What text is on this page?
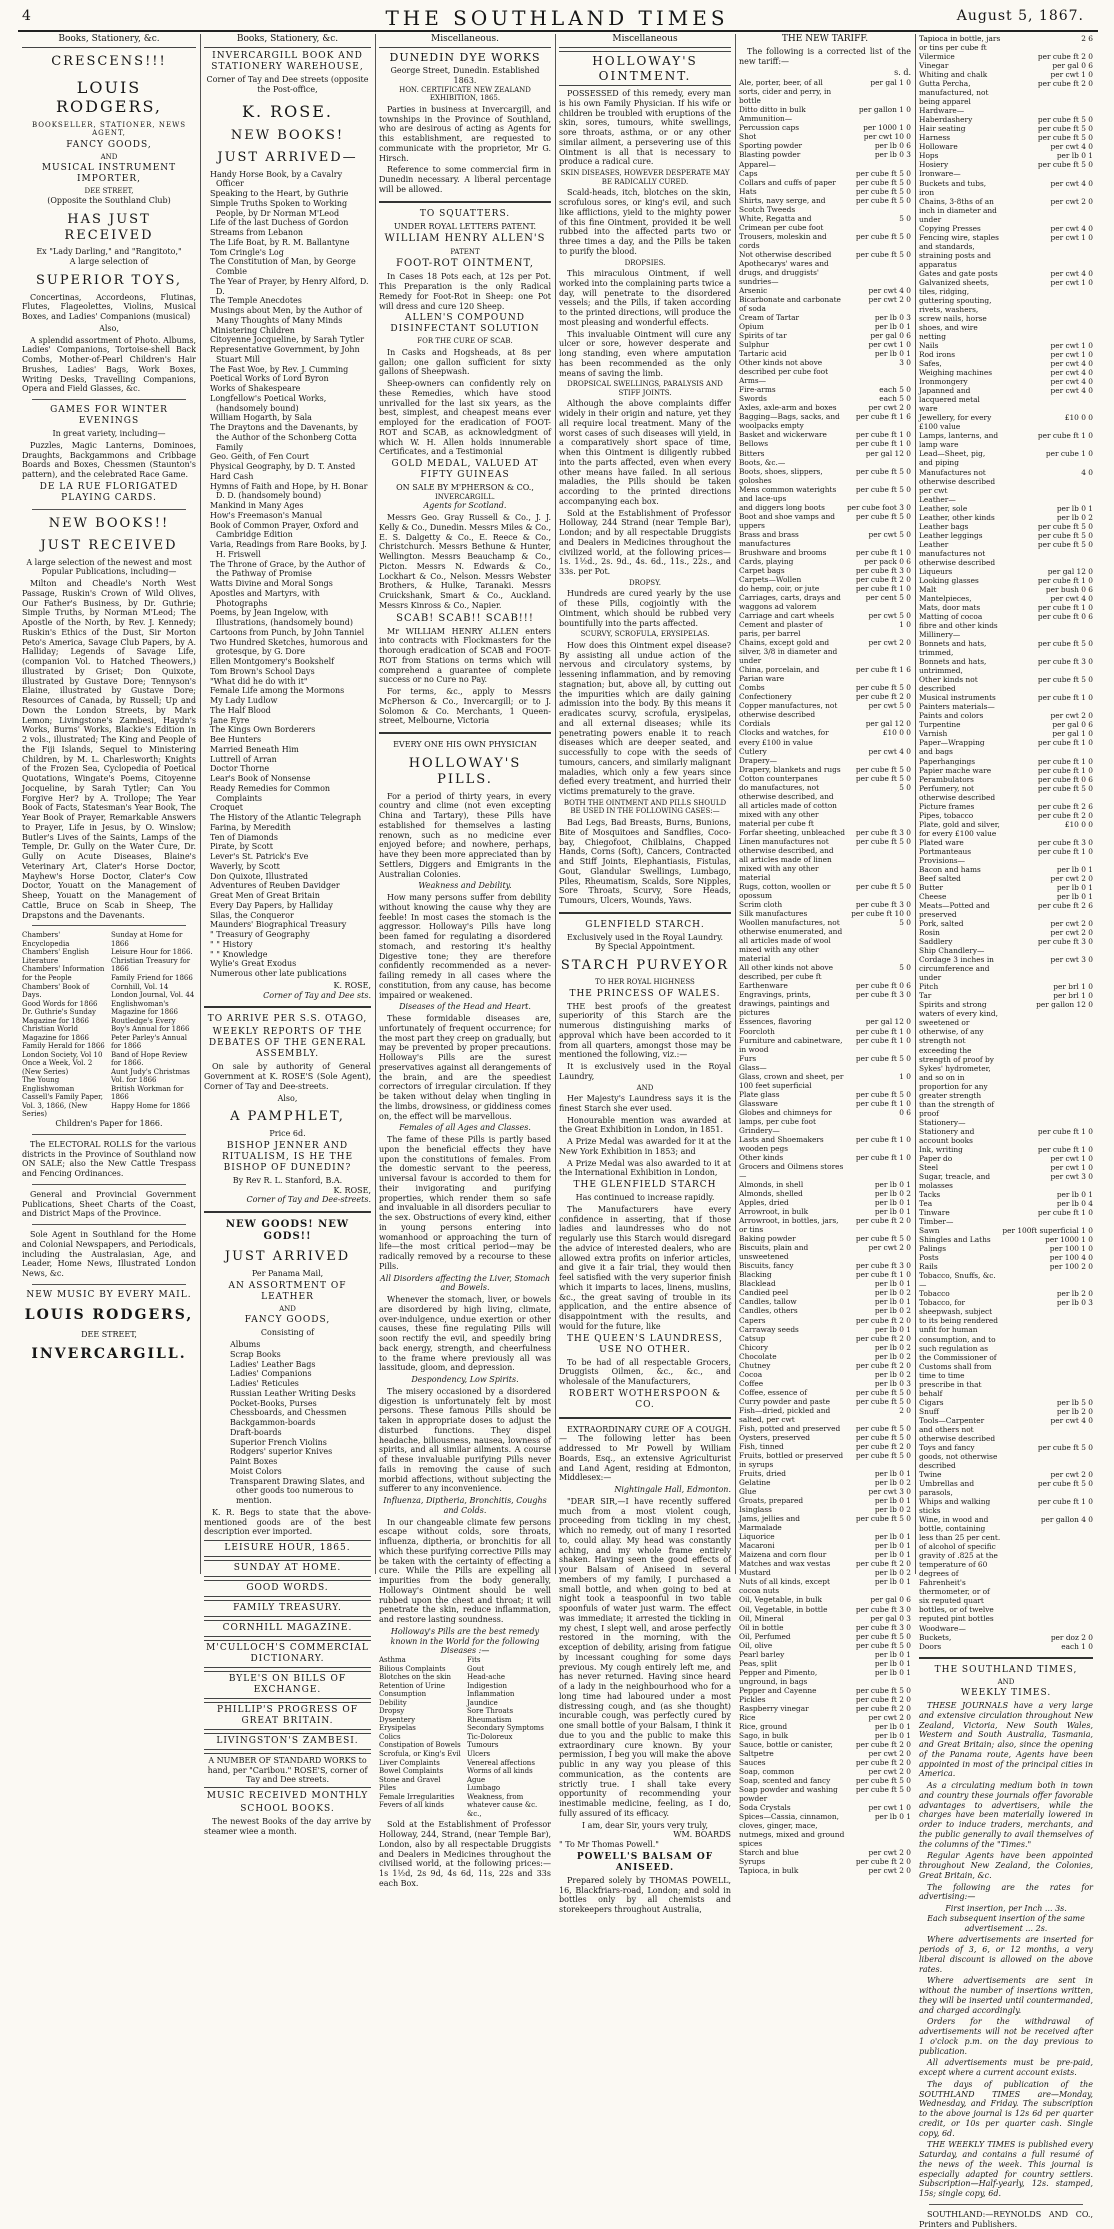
4	THE SOUTHLAND TIMES	August 5, 1867.
Books, Stationery, &c.
CRESCENS!!!
LOUIS RODGERS,
BOOKSELLER, STATIONER, NEWS AGENT,
FANCY GOODS,
AND
MUSICAL INSTRUMENT IMPORTER,
DEE STREET,
(Opposite the Southland Club)
HAS JUST RECEIVED
Ex "Lady Darling," and "Rangitoto,"
A large selection of
SUPERIOR TOYS,

Concertinas, Accordeons, Flutinas, Flutes, Flageolettes, Violins, Musical Boxes, and Ladies' Companions (musical)

Also,

A splendid assortment of Photo. Albums, Ladies' Companions, Tortoise-shell Back Combs, Mother-of-Pearl Children's Hair Brushes, Ladies' Bags, Work Boxes, Writing Desks, Travelling Companions, Opera and Field Glasses, &c.

GAMES FOR WINTER EVENINGS
In great variety, including—

Puzzles, Magic Lanterns, Dominoes, Draughts, Backgammons and Cribbage Boards and Boxes, Chessmen (Staunton's pattern), and the celebrated Race Game.

DE LA RUE FLORIGATED PLAYING CARDS.
NEW BOOKS!!
JUST RECEIVED
A large selection of the newest and most Popular Publications, including—

Milton and Cheadle's North West Passage, Ruskin's Crown of Wild Olives, Our Father's Business, by Dr. Guthrie; Simple Truths, by Norman M'Leod; The Apostle of the North, by Rev. J. Kennedy; Ruskin's Ethics of the Dust, Sir Morton Peto's America, Savage Club Papers, by A. Halliday; Legends of Savage Life, (companion Vol. to Hatched Theowers,) illustrated by Griset; Don Quixote, illustrated by Gustave Dore; Tennyson's Elaine, illustrated by Gustave Dore; Resources of Canada, by Russell; Up and Down the London Streets, by Mark Lemon; Livingstone's Zambesi, Haydn's Works, Burns' Works, Blackie's Edition in 2 vols., illustrated; The King and People of the Fiji Islands, Sequel to Ministering Children, by M. L. Charlesworth; Knights of the Frozen Sea, Cyclopedia of Poetical Quotations, Wingate's Poems, Citoyenne Jocqueline, by Sarah Tytler; Can You Forgive Her? by A. Trollope; The Year Book of Facts, Statesman's Year Book, The Year Book of Prayer, Remarkable Answers to Prayer, Life in Jesus, by O. Winslow; Butler's Lives of the Saints, Lamps of the Temple, Dr. Gully on the Water Cure, Dr. Gully on Acute Diseases, Blaine's Veterinary Art, Clater's Horse Doctor, Mayhew's Horse Doctor, Clater's Cow Doctor, Youatt on the Management of Sheep, Youatt on the Management of Cattle, Bruce on Scab in Sheep, The Drapstons and the Davenants.

Chambers' Encyclopedia
Chambers' English Literature
Chambers' Information for the People
Chambers' Book of Days.
Good Words for 1866
Dr. Guthrie's Sunday Magazine for 1866
Christian World Magazine for 1866
Family Herald for 1866
London Society, Vol 10
Once a Week, Vol. 2 (New Series)
The Young Englishwoman
Cassell's Family Paper, Vol. 3, 1866, (New Series)
Sunday at Home for 1866
Leisure Hour for 1866.
Christian Treasury for 1866
Family Friend for 1866
Cornhill, Vol. 14
London Journal, Vol. 44
Englishwoman's Magazine for 1866
Routledge's Every Boy's Annual for 1866
Peter Parley's Annual for 1866
Band of Hope Review for 1866.
Aunt Judy's Christmas Vol. for 1866
British Workman for 1866
Happy Home for 1866
Children's Paper for 1866.

The ELECTORAL ROLLS for the various districts in the Province of Southland now ON SALE; also the New Cattle Trespass and Fencing Ordinances.

General and Provincial Government Publications, Sheet Charts of the Coast, and District Maps of the Province.

Sole Agent in Southland for the Home and Colonial Newspapers, and Periodicals, including the Australasian, Age, and Leader, Home News, Illustrated London News, &c.

NEW MUSIC BY EVERY MAIL.
LOUIS RODGERS,
DEE STREET,
INVERCARGILL.
Books, Stationery, &c.
INVERCARGILL BOOK AND STATIONERY WAREHOUSE,
Corner of Tay and Dee streets (opposite the Post-office,
K. ROSE.
NEW BOOKS!
JUST ARRIVED—
Handy Horse Book, by a Cavalry Officer
Speaking to the Heart, by Guthrie
Simple Truths Spoken to Working People, by Dr Norman M'Leod
Life of the last Duchess of Gordon
Streams from Lebanon
The Life Boat, by R. M. Ballantyne
Tom Cringle's Log
The Constitution of Man, by George Combie
The Year of Prayer, by Henry Alford, D. D.
The Temple Anecdotes
Musings about Men, by the Author of Many Thoughts of Many Minds
Ministering Children
Citoyenne Jocqueline, by Sarah Tytler
Representative Government, by John Stuart Mill
The Fast Woe, by Rev. J. Cumming
Poetical Works of Lord Byron
Works of Shakespeare
Longfellow's Poetical Works, (handsomely bound)
William Hogarth, by Sala
The Draytons and the Davenants, by the Author of the Schonberg Cotta Family
Geo. Geith, of Fen Court
Physical Geography, by D. T. Ansted
Hard Cash
Hymns of Faith and Hope, by H. Bonar D. D. (handsomely bound)
Mankind in Many Ages
How's Freemason's Manual
Book of Common Prayer, Oxford and Cambridge Edition
Varia, Readings from Rare Books, by J. H. Friswell
The Throne of Grace, by the Author of the Pathway of Promise
Watts Divine and Moral Songs
Apostles and Martyrs, with Photographs
Poems, by Jean Ingelow, with Illustrations, (handsomely bound)
Cartoons from Punch, by John Tanniel
Two Hundred Sketches, humorous and grotesque, by G. Dore
Ellen Montgomery's Bookshelf
Tom Brown's School Days
"What did he do with it"
Female Life among the Mormons
My Lady Ludlow
The Half Blood
Jane Eyre
The Kings Own Borderers
Bee Hunters
Married Beneath Him
Luttrell of Arran
Doctor Thorne
Lear's Book of Nonsense
Ready Remedies for Common Complaints
Croquet
The History of the Atlantic Telegraph
Farina, by Meredith
Ten of Diamonds
Pirate, by Scott
Lever's St. Patrick's Eve
Waverly, by Scott
Don Quixote, Illustrated
Adventures of Reuben Davidger
Great Men of Great Britain
Every Day Papers, by Halliday
Silas, the Conqueror
Maunders' Biographical Treasury
" Treasury of Geography
" " History
" " Knowledge
Wylie's Great Exodus
Numerous other late publications
K. ROSE,
Corner of Tay and Dee sts.
TO ARRIVE PER S.S. OTAGO,
WEEKLY REPORTS OF THE DEBATES OF THE GENERAL ASSEMBLY.

On sale by authority of General Government at K. ROSE'S (Sole Agent), Corner of Tay and Dee-streets.

Also,
A PAMPHLET,
Price 6d.
BISHOP JENNER AND RITUALISM, IS HE THE BISHOP OF DUNEDIN?
By Rev R. L. Stanford, B.A.
K. ROSE,
Corner of Tay and Dee-streets.
NEW GOODS! NEW GODS!!
JUST ARRIVED
Per Panama Mail,
AN ASSORTMENT OF LEATHER
AND
FANCY GOODS,
Consisting of
Albums
Scrap Books
Ladies' Leather Bags
Ladies' Companions
Ladies' Reticules
Russian Leather Writing Desks
Pocket-Books, Purses
Chessboards, and Chessmen
Backgammon-boards
Draft-boards
Superior French Violins
Rodgers' superior Knives
Paint Boxes
Moist Colors
Transparent Drawing Slates, and other goods too numerous to mention.

K. R. Begs to state that the above-mentioned goods are of the best description ever imported.

LEISURE HOUR, 1865.
SUNDAY AT HOME.
GOOD WORDS.
FAMILY TREASURY.
CORNHILL MAGAZINE.
M'CULLOCH'S COMMERCIAL DICTIONARY.
BYLE'S ON BILLS OF EXCHANGE.
PHILLIP'S PROGRESS OF GREAT BRITAIN.
LIVINGSTON'S ZAMBESI.
A NUMBER OF STANDARD WORKS to hand, per "Caribou." ROSE'S, corner of Tay and Dee streets.
MUSIC RECEIVED MONTHLY
SCHOOL BOOKS.

The newest Books of the day arrive by steamer wiee a month.

Miscellaneous.
DUNEDIN DYE WORKS
George Street, Dunedin. Established 1863.
HON. CERTIFICATE NEW ZEALAND EXHIBITION, 1865.

Parties in business at Invercargill, and townships in the Province of Southland, who are desirous of acting as Agents for this establishment, are requested to communicate with the proprietor, Mr G. Hirsch.

Reference to some commercial firm in Dunedin necessary. A liberal percentage will be allowed.

TO SQUATTERS.
UNDER ROYAL LETTERS PATENT.
WILLIAM HENRY ALLEN'S
PATENT
FOOT-ROT OINTMENT,

In Cases 18 Pots each, at 12s per Pot. This Preparation is the only Radical Remedy for Foot-Rot in Sheep: one Pot will dress and cure 120 Sheep.

ALLEN'S COMPOUND DISINFECTANT SOLUTION
FOR THE CURE OF SCAB.

In Casks and Hogsheads, at 8s per gallon; one gallon sufficient for sixty gallons of Sheepwash.

Sheep-owners can confidently rely on these Remedies, which have stood unrivalled for the last six years, as the best, simplest, and cheapest means ever employed for the eradication of FOOT-ROT and SCAB, as acknowledgment of which W. H. Allen holds innumerable Certificates, and a Testimonial

GOLD MEDAL, VALUED AT FIFTY GUINEAS
ON SALE BY M'PHERSON & CO.,
INVERCARGILL.
Agents for Scotland.

Messrs Geo. Gray Russell & Co., J. J. Kelly & Co., Dunedin. Messrs Miles & Co., E. S. Dalgetty & Co., E. Reece & Co., Christchurch. Messrs Bethune & Hunter, Wellington. Messrs Beauchamp & Co., Picton. Messrs N. Edwards & Co., Lockhart & Co., Nelson. Messrs Webster Brothers, & Hulke, Taranaki. Messrs Cruickshank, Smart & Co., Auckland. Messrs Kinross & Co., Napier.

SCAB! SCAB!! SCAB!!!

Mr WILLIAM HENRY ALLEN enters into contracts with Flockmasters for the thorough eradication of SCAB and FOOT-ROT from Stations on terms which will comprehend a guarantee of complete success or no Cure no Pay.

For terms, &c., apply to Messrs McPherson & Co., Invercargill; or to J. Solomon & Co. Merchants, 1 Queen-street, Melbourne, Victoria

EVERY ONE HIS OWN PHYSICIAN
HOLLOWAY'S PILLS.

For a period of thirty years, in every country and clime (not even excepting China and Tartary), these Pills have established for themselves a lasting renown, such as no medicine ever enjoyed before; and nowhere, perhaps, have they been more appreciated than by Settlers, Diggers and Emigrants in the Australian Colonies.

Weakness and Debility.

How many persons suffer from debility without knowing the cause why they are feeble! In most cases the stomach is the aggressor. Holloway's Pills have long been famed for regulating a disordered stomach, and restoring it's healthy Digestive tone; they are therefore confidently recommended as a never-failing remedy in all cases where the constitution, from any cause, has become impaired or weakened.

Diseases of the Head and Heart.

These formidable diseases are, unfortunately of frequent occurrence; for the most part they creep on gradually, but may be prevented by proper precautions. Holloway's Pills are the surest preservatives against all derangements of the brain, and are the speediest correctors of irregular circulation. If they be taken without delay when tingling in the limbs, drowsiness, or giddiness comes on, the effect will be marvellous.

Females of all Ages and Classes.

The fame of these Pills is partly based upon the beneficial effects they have upon the constitutions of females. From the domestic servant to the peeress, universal favour is accorded to them for their invigorating and purifying properties, which render them so safe and invaluable in all disorders peculiar to the sex. Obstructions of every kind, either in young persons entering into womanhood or approaching the turn of life—the most critical period—may be radically removed by a recourse to these Pills.

All Disorders affecting the Liver, Stomach and Bowels.

Whenever the stomach, liver, or bowels are disordered by high living, climate, over-indulgence, undue exertion or other causes, these fine regulating Pills will soon rectify the evil, and speedily bring back energy, strength, and cheerfulness to the frame where previously all was lassitude, gloom, and depression.

Despondency, Low Spirits.

The misery occasioned by a disordered digestion is unfortunately felt by most persons. These famous Pills should be taken in appropriate doses to adjust the disturbed functions. They dispel headache, biliousness, nausea, lowness of spirits, and all similar ailments. A course of these invaluable purifying Pills never fails in removing the cause of such morbid affections, without subjecting the sufferer to any inconvenience.

Influenza, Diptheria, Bronchitis, Coughs and Colds.

In our changeable climate few persons escape without colds, sore throats, influenza, diptheria, or bronchitis for all which these purifying corrective Pills may be taken with the certainty of effecting a cure. While the Pills are expelling all impurities from the body generally, Holloway's Ointment should be well rubbed upon the chest and throat; it will penetrate the skin, reduce inflammation, and restore lasting soundness.

Holloway's Pills are the best remedy known in the World for the following Diseases :—
Asthma
Bilious Complaints
Blotches on the skin
Retention of Urine
Consumption
Debility
Dropsy
Dysentery
Erysipelas
Colics
Constipation of Bowels
Scrofula, or King's Evil
Liver Complaints
Bowel Complaints
Stone and Gravel
Piles
Female Irregularities
Fevers of all kinds
Fits
Gout
Head-ache
Indigestion
Inflammation
Jaundice
Sore Throats
Rheumatism
Secondary Symptoms
Tic-Doloreux
Tumours
Ulcers
Venereal affections
Worms of all kinds
Ague
Lumbago
Weakness, from whatever cause &c. &c.,

Sold at the Establishment of Professor Holloway, 244, Strand, (near Temple Bar), London, also by all respectable Druggists and Dealers in Medicines throughout the civilised world, at the following prices:—1s 1½d, 2s 9d, 4s 6d, 11s, 22s and 33s each Box.

Miscellaneous
HOLLOWAY'S OINTMENT.

POSSESSED of this remedy, every man is his own Family Physician. If his wife or children be troubled with eruptions of the skin, sores, tumours, white swellings, sore throats, asthma, or or any other similar ailment, a persevering use of this Ointment is all that is necessary to produce a radical cure.

SKIN DISEASES, HOWEVER DESPERATE MAY BE RADICALLY CURED.

Scald-heads, itch, blotches on the skin, scrofulous sores, or king's evil, and such like afflictions, yield to the mighty power of this fine Ointment, provided it be well rubbed into the affected parts two or three times a day, and the Pills be taken to purify the blood.

DROPSIES.

This miraculous Ointment, if well worked into the complaining parts twice a day, will penetrate to the disordered vessels; and the Pills, if taken according to the printed directions, will produce the most pleasing and wonderful effects.

This invaluable Ointment will cure any ulcer or sore, however desperate and long standing, even where amputation has been recommended as the only means of saving the limb.

DROPSICAL SWELLINGS, PARALYSIS AND STIFF JOINTS.

Although the above complaints differ widely in their origin and nature, yet they all require local treatment. Many of the worst cases of such diseases will yield, in a comparatively short space of time, when this Ointment is diligently rubbed into the parts affected, even when every other means have failed. In all serious maladies, the Pills should be taken according to the printed directions accompanying each box.

Sold at the Establishment of Professor Holloway, 244 Strand (near Temple Bar), London; and by all respectable Druggists and Dealers in Medicines throughout the civilized world, at the following prices—1s. 1½d., 2s. 9d., 4s. 6d., 11s., 22s., and 33s. per Pot.

DROPSY.

Hundreds are cured yearly by the use of these Pills, cogjointly with the Ointment, which should be rubbed very bountifully into the parts affected.

SCURVY, SCROFULA, ERYSIPELAS.

How does this Ointment expel disease? By assisting all undue action of the nervous and circulatory systems, by lessening inflammation, and by removing stagnation; but, above all, by cutting out the impurities which are daily gaining admission into the body. By this means it eradicates scurvy, scrofula, erysipelas, and all external diseases; while its penetrating powers enable it to reach diseases which are deeper seated, and successfully to cope with the seeds of tumours, cancers, and similarly malignant maladies, which only a few years since defied every treatment, and hurried their victims prematurely to the grave.

BOTH THE OINTMENT AND PILLS SHOULD BE USED IN THE FOLLOWING CASES:—

Bad Legs, Bad Breasts, Burns, Bunions, Bite of Mosquitoes and Sandflies, Coco-bay, Chiegofoot, Chilblains, Chapped Hands, Corns (Soft), Cancers, Contracted and Stiff Joints, Elephantiasis, Fistulas, Gout, Glandular Swellings, Lumbago, Piles, Rheumatism, Scalds, Sore Nipples, Sore Throats, Scurvy, Sore Heads, Tumours, Ulcers, Wounds, Yaws.

GLENFIELD STARCH.
Exclusively used in the Royal Laundry.
By Special Appointment.
STARCH PURVEYOR
TO HER ROYAL HIGHNESS
THE PRINCESS OF WALES.

THE best proofs of the greatest superiority of this Starch are the numerous distinguishing marks of approval which have been accorded to it from all quarters, amongst those may be mentioned the following, viz.:—

It is exclusively used in the Royal Laundry,

AND

Her Majesty's Laundress says it is the finest Starch she ever used.

Honourable mention was awarded at the Great Exhibition in London, in 1851.

A Prize Medal was awarded for it at the New York Exhibition in 1853; and

A Prize Medal was also awarded to it at the International Exhibition in London,

THE GLENFIELD STARCH
Has continued to increase rapidly.

The Manufacturers have every confidence in asserting, that if those ladies and laundresses who do not regularly use this Starch would disregard the advice of interested dealers, who are allowed extra profits on inferior articles, and give it a fair trial, they would then feel satisfied with the very superior finish which it imparts to laces, linens, muslins, &c., the great saving of trouble in its application, and the entire absence of disappointment with the results, and would for the future, like

THE QUEEN'S LAUNDRESS, USE NO OTHER.

To be had of all respectable Grocers, Druggists Oilmen, &c., &c., and wholesale of the Manufacturers,

ROBERT WOTHERSPOON & CO.

EXTRAORDINARY CURE OF A COUGH.— The following letter has been addressed to Mr Powell by William Boards, Esq., an extensive Agriculturist and Land Agent, residing at Edmonton, Middlesex:—

Nightingale Hall, Edmonton.

"DEAR SIR,—I have recently suffered much from a most violent cough, proceeding from tickling in my chest, which no remedy, out of many I resorted to, could allay. My head was constantly aching, and my whole frame entirely shaken. Having seen the good effects of your Balsam of Aniseed in several members of my family, I purchased a small bottle, and when going to bed at night took a teaspoonful in two table spoonfuls of water just warm. The effect was immediate; it arrested the tickling in my chest, I slept well, and arose perfectly restored in the morning, with the exception of debility, arising from fatigue by incessant coughing for some days previous. My cough entirely left me, and has never returned. Having since heard of a lady in the neighbourhood who for a long time had laboured under a most distressing cough, and (as she thought) incurable cough, was perfectly cured by one small bottle of your Balsam, I think it due to you and the public to make this extraordinary cure known. By your permission, I beg you will make the above public in any way you please of this communication, as the contents are strictly true. I shall take every opportunity of recommending your inestimable medicine, feeling, as I do, fully assured of its efficacy.

I am, dear Sir, yours very truly,
WM. BOARDS
" To Mr Thomas Powell."
POWELL'S BALSAM OF ANISEED.

Prepared solely by THOMAS POWELL, 16, Blackfriars-road, London; and sold in bottles only by all chemists and storekeepers throughout Australia,

THE NEW TARIFF.

The following is a corrected list of the new tariff:—

s. d.
Ale, porter, beer, of all sorts, cider and perry, in bottle	per gal 1 0
Ditto ditto in bulk	per gallon 1 0
Ammunition—	
Percussion caps	per 1000 1 0
Shot	per cwt 10 0
Sporting powder	per lb 0 6
Blasting powder	per lb 0 3
Apparel—	
Caps	per cube ft 5 0
Collars and cuffs of paper	per cube ft 5 0
Hats	per cube ft 5 0
Shirts, navy serge, and Scotch Tweeds	per cube ft 5 0
White, Regatta and Crimean per cube foot	5 0
Trousers, moleskin and cords	per cube ft 5 0
Not otherwise described	per cube ft 5 0
Apothecarys' wares and drugs, and druggists' sundries—	
Arsenic	per cwt 4 0
Bicarbonate and carbonate of soda	per cwt 2 0
Cream of Tartar	per lb 0 3
Opium	per lb 0 1
Spirits of tar	per gal 0 6
Sulphur	per cwt 1 0
Tartaric acid	per lb 0 1
Other kinds not above described per cube foot	3 0
Arms—	
Fire-arms	each 5 0
Swords	each 5 0
Axles, axle-arm and boxes	per cwt 2 0
Bagging—Bags, sacks, and woolpacks empty	per cube ft 1 6
Basket and wickerware	per cube ft 1 0
Bellows	per cube ft 1 0
Bitters	per gal 12 0
Boots, &c.—	
Boots, shoes, slippers, goloshes	per cube ft 5 0
Mens common waterights and lace-ups	per cube ft 5 0
and diggers long boots	per cube foot 3 0
Boot and shoe vamps and uppers	per cube ft 5 0
Brass and brass manufactures	per cwt 5 0
Brushware and brooms	per cube ft 1 0
Cards, playing	per pack 0 6
Carpet bags	per cube ft 3 0
Carpets—Wollen	per cube ft 2 0
do hemp, coir, or jute	per cube ft 1 0
Carriages, carts, drays and waggons ad valorem	per cent 5 0
Carriage and cart wheels	per cwt 5 0
Cement and plaster of paris, per barrel	1 0
Chains, except gold and silver, 3/8 in diameter and under	per cwt 2 0
China, porcelain, and Parian ware	per cube ft 1 6
Combs	per cube ft 5 0
Confectionery	per cube ft 2 0
Copper manufactures, not otherwise described	per cwt 5 0
Cordials	per gal 12 0
Clocks and watches, for every £100 in value	£10 0 0
Cutlery	per cwt 4 0
Drapery—	
Drapery, blankets and rugs	per cube ft 5 0
Cotton counterpanes	per cube ft 5 0
do manufactures, not otherwise described, and all articles made of cotton mixed with any other material per cube ft	5 0
Forfar sheeting, unbleached	per cube ft 3 0
Linen manufactures not otherwise described, and all articles made of linen mixed with any other material	per cube ft 5 0
Rugs, cotton, woollen or opossum	per cube ft 5 0
Scrim cloth	per cube ft 3 0
Silk manufactures	per cube ft 10 0
Woollen manufactures, not otherwise enumerated, and all articles made of wool mixed with any other material	5 0
All other kinds not above described, per cube ft	5 0
Earthenware	per cube ft 0 6
Engravings, prints, drawings, paintings and pictures	per cube ft 3 0
Essences, flavoring	per gal 12 0
Foorcloth	per cube ft 1 0
Furniture and cabinetware, in wood	per cube ft 1 0
Furs	per cube ft 5 0
Glass—	
Glass, crown and sheet, per 100 feet superficial	1 0
Plate glass	per cube ft 5 0
Glassware	per cube ft 1 0
Globes and chimneys for lamps, per cube foot	0 6
Grindery—	
Lasts and Shoemakers wooden pegs	per cube ft 1 0
Other kinds	per cube ft 1 0
Grocers and Oilmens stores—	
Almonds, in shell	per lb 0 1
Almonds, shelled	per lb 0 2
Apples, dried	per lb 0 1
Arrowroot, in bulk	per lb 0 1
Arrowroot, in bottles, jars, or tins	per cube ft 2 0
Baking powder	per cube ft 5 0
Biscuits, plain and unsweetened	per cwt 2 0
Biscuits, fancy	per cube ft 3 0
Blacking	per cube ft 1 0
Blacklead	per lb 0 1
Candied peel	per lb 0 2
Candles, tallow	per lb 0 1
Candles, others	per lb 0 2
Capers	per cube ft 2 0
Carraway seeds	per lb 0 1
Catsup	per cube ft 2 0
Chicory	per lb 0 2
Chocolate	per lb 0 2
Chutney	per cube ft 2 0
Cocoa	per lb 0 2
Coffee	per lb 0 3
Coffee, essence of	per cube ft 5 0
Curry powder and paste	per cube ft 5 0
Fish—dried, pickled and salted, per cwt	2 0
Fish, potted and preserved	per cube ft 5 0
Oysters, preserved	per cube ft 5 0
Fish, tinned	per cube ft 2 0
Fruits, bottled or preserved in syrups	per cube ft 5 0
Fruits, dried	per lb 0 1
Gelatine	per lb 0 2
Glue	per cwt 3 0
Groats, prepared	per lb 0 1
Isinglass	per lb 0 2
Jams, jellies and Marmalade	per cube ft 5 0
Liquorice	per lb 0 1
Macaroni	per lb 0 1
Maizena and corn flour	per lb 0 1
Matches and wax vestas	per cube ft 2 0
Mustard	per lb 0 2
Nuts of all kinds, except cocoa nuts	per lb 0 1
Oil, Vegetable, in bulk	per gal 0 6
Oil, Vegetable, in bottle	per cube ft 3 0
Oil, Mineral	per gal 0 3
Oil in bottle	per cube ft 3 0
Oil, Perfumed	per cube ft 5 0
Oil, olive	per cube ft 5 0
Pearl barley	per lb 0 1
Peas, split	per lb 0 1
Pepper and Pimento, unground, in bags	per lb 0 1
Pepper and Cayenne	per cube ft 5 0
Pickles	per cube ft 2 0
Raspberry vinegar	per cube ft 2 0
Rice	per cwt 2 0
Rice, ground	per lb 0 1
Sago, in bulk	per lb 0 1
Sauce, bottle or canister,	per cube ft 2 0
Saltpetre	per cwt 2 0
Sauces	per cube ft 2 0
Soap, common	per cwt 2 0
Soap, scented and fancy	per cube ft 5 0
Soap powder and washing powder	per cube ft 5 0
Soda Crystals	per cwt 1 0
Spices—Cassia, cinnamon, cloves, ginger, mace, nutmegs, mixed and ground spices	per lb 0 1
Starch and blue	per cwt 2 0
Syrups	per cube ft 2 0
Tapioca, in bulk	per cwt 2 0
Tapioca in bottle, jars or tins per cube ft	2 6
Vilermice	per cube ft 2 0
Vinegar	per gal 0 6
Whiting and chalk	per cwt 1 0
Gutta Percha, manufactured, not being apparel	per cube ft 2 0
Hardware—	
Haberdashery	per cube ft 5 0
Hair seating	per cube ft 5 0
Harness	per cube ft 5 0
Holloware	per cwt 4 0
Hops	per lb 0 1
Hosiery	per cube ft 5 0
Ironware—	
Buckets and tubs, iron	per cwt 4 0
Chains, 3-8ths of an inch in diameter and under	per cwt 2 0
Copying Presses	per cwt 4 0
Fencing wire, staples and standards, straining posts and apparatus	per cwt 1 0
Gates and gate posts	per cwt 4 0
Galvanized sheets, tiles, ridging, guttering spouting, rivets, washers, screw nails, horse shoes, and wire netting	per cwt 1 0
Nails	per cwt 1 0
Rod irons	per cwt 1 0
Safes,	per cwt 4 0
Weighing machines	per cwt 4 0
Ironmongery	per cwt 4 0
Japanned and lacquered metal ware	per cwt 4 0
Jewellery, for every £100 value	£10 0 0
Lamps, lanterns, and lamp ware	per cube ft 1 0
Lead—Sheet, pig, and piping	per cube 1 0
Manufactures not otherwise described per cwt	4 0
Leather—	
Leather, sole	per lb 0 1
Leather, other kinds	per lb 0 2
Leather bags	per cube ft 5 0
Leather leggings	per cube ft 5 0
Leather manufactures not otherwise described	per cube ft 5 0
Liqueurs	per gal 12 0
Looking glasses	per cube ft 1 0
Malt	per bush 0 6
Mantelpieces,	per cwt 4 0
Mats, door mats	per cube ft 1 0
Matting of cocoa fibre and other kinds	per cube ft 0 6
Millinery—	
Bonnets and hats, trimmed,	per cube ft 5 0
Bonnets and hats, untrimmed,	per cube ft 3 0
Other kinds not described	per cube ft 5 0
Musical instruments	per cube ft 1 0
Painters materials—	
Paints and colors	per cwt 2 0
Turpentine	per gal 0 6
Varnish	per gal 1 0
Paper—Wrapping and bags	per cube ft 1 0
Paperhangings	per cube ft 1 0
Papier mache ware	per cube ft 1 0
Perambulators	per cube ft 0 6
Perfumery, not otherwise described	per cube ft 5 0
Picture frames	per cube ft 2 6
Pipes, tobacco	per cube ft 2 0
Plate, gold and silver, for every £100 value	£10 0 0
Plated ware	per cube ft 3 0
Portmanteaus	per cube ft 1 0
Provisions—	
Bacon and hams	per lb 0 1
Beef salted	per cwt 2 0
Butter	per lb 0 1
Cheese	per lb 0 1
Meats—Potted and preserved	per cube ft 2 6
Pork, salted	per cwt 2 0
Rosin	per cwt 2 0
Saddlery	per cube ft 3 0
Ship Chandlery—	
Cordage 3 inches in circumference and under	per cwt 3 0
Pitch	per brl 1 0
Tar	per brl 1 0
Spirits and strong waters of every kind, sweetened or otherwise, of any strength not exceeding the strength of proof by Sykes' hydrometer, and so on in proportion for any greater strength than the strength of proof	per gallon 12 0
Stationery—	
Stationery and account books	per cube ft 1 0
Ink, writing	per cube ft 1 0
Paper do	per cwt 1 0
Steel	per cwt 1 0
Sugar, treacle, and molasses	per cwt 3 0
Tacks	per lb 0 1
Tea	per lb 0 4
Tinware	per cube ft 1 0
Timber—	
Sawn	per 100ft superficial 1 0
Shingles and Laths	per 1000 1 0
Palings	per 100 1 0
Posts	per 100 4 0
Rails	per 100 2 0
Tobacco, Snuffs, &c.—	
Tobacco	per lb 2 0
Tobacco, for sheepwash, subject to its being rendered unfit for human consumption, and to such regulation as the Commissioner of Customs shall from time to time prescribe in that behalf	per lb 0 3
Cigars	per lb 5 0
Snuff	per lb 2 0
Tools—Carpenter and others not otherwise described	per cwt 4 0
Toys and fancy goods, not otherwise described	per cube ft 5 0
Twine	per cwt 2 0
Umbrellas and parasols,	per cube ft 5 0
Whips and walking sticks	per cube ft 1 0
Wine, in wood and bottle, containing less than 25 per cent. of alcohol of specific gravity of .825 at the temperature of 60 degrees of Fahrenheit's thermometer, or of six reputed quart bottles, or of twelve reputed pint bottles	per gallon 4 0
Woodware—	
Buckets,	per doz 2 0
Doors	each 1 0
THE SOUTHLAND TIMES,
AND
WEEKLY TIMES.

THESE JOURNALS have a very large and extensive circulation throughout New Zealand, Victoria, New South Wales, Western and South Australia, Tasmania, and Great Britain; also, since the opening of the Panama route, Agents have been appointed in most of the principal cities in America.

As a circulating medium both in town and country these journals offer favorable advantages to advertisers, while the charges have been materially lowered in order to induce traders, merchants, and the public generally to avail themselves of the columns of the "Times."

Regular Agents have been appointed throughout New Zealand, the Colonies, Great Britain, &c.

The following are the rates for advertising:—

First insertion, per Inch ... 3s.
Each subsequent insertion of the same advertisement ... 2s.

Where advertisements are inserted for periods of 3, 6, or 12 months, a very liberal discount is allowed on the above rates.

Where advertisements are sent in without the number of insertions written, they will be inserted until countermanded, and charged accordingly.

Orders for the withdrawal of advertisements will not be received after 1 o'clock p.m. on the day previous to publication.

All advertisements must be pre-paid, except where a current account exists.

The days of publication of the SOUTHLAND TIMES are—Monday, Wednesday, and Friday. The subscription to the above journal is 12s 6d per quarter credit, or 10s per quarter cash. Single copy, 6d.

THE WEEKLY TIMES is published every Saturday, and contains a full resumé of the news of the week. This journal is especially adapted for country settlers. Subscription—Half-yearly, 12s. stamped, 15s; single copy, 6d.

SOUTHLAND:—REYNOLDS AND CO., Printers and Publishers.
